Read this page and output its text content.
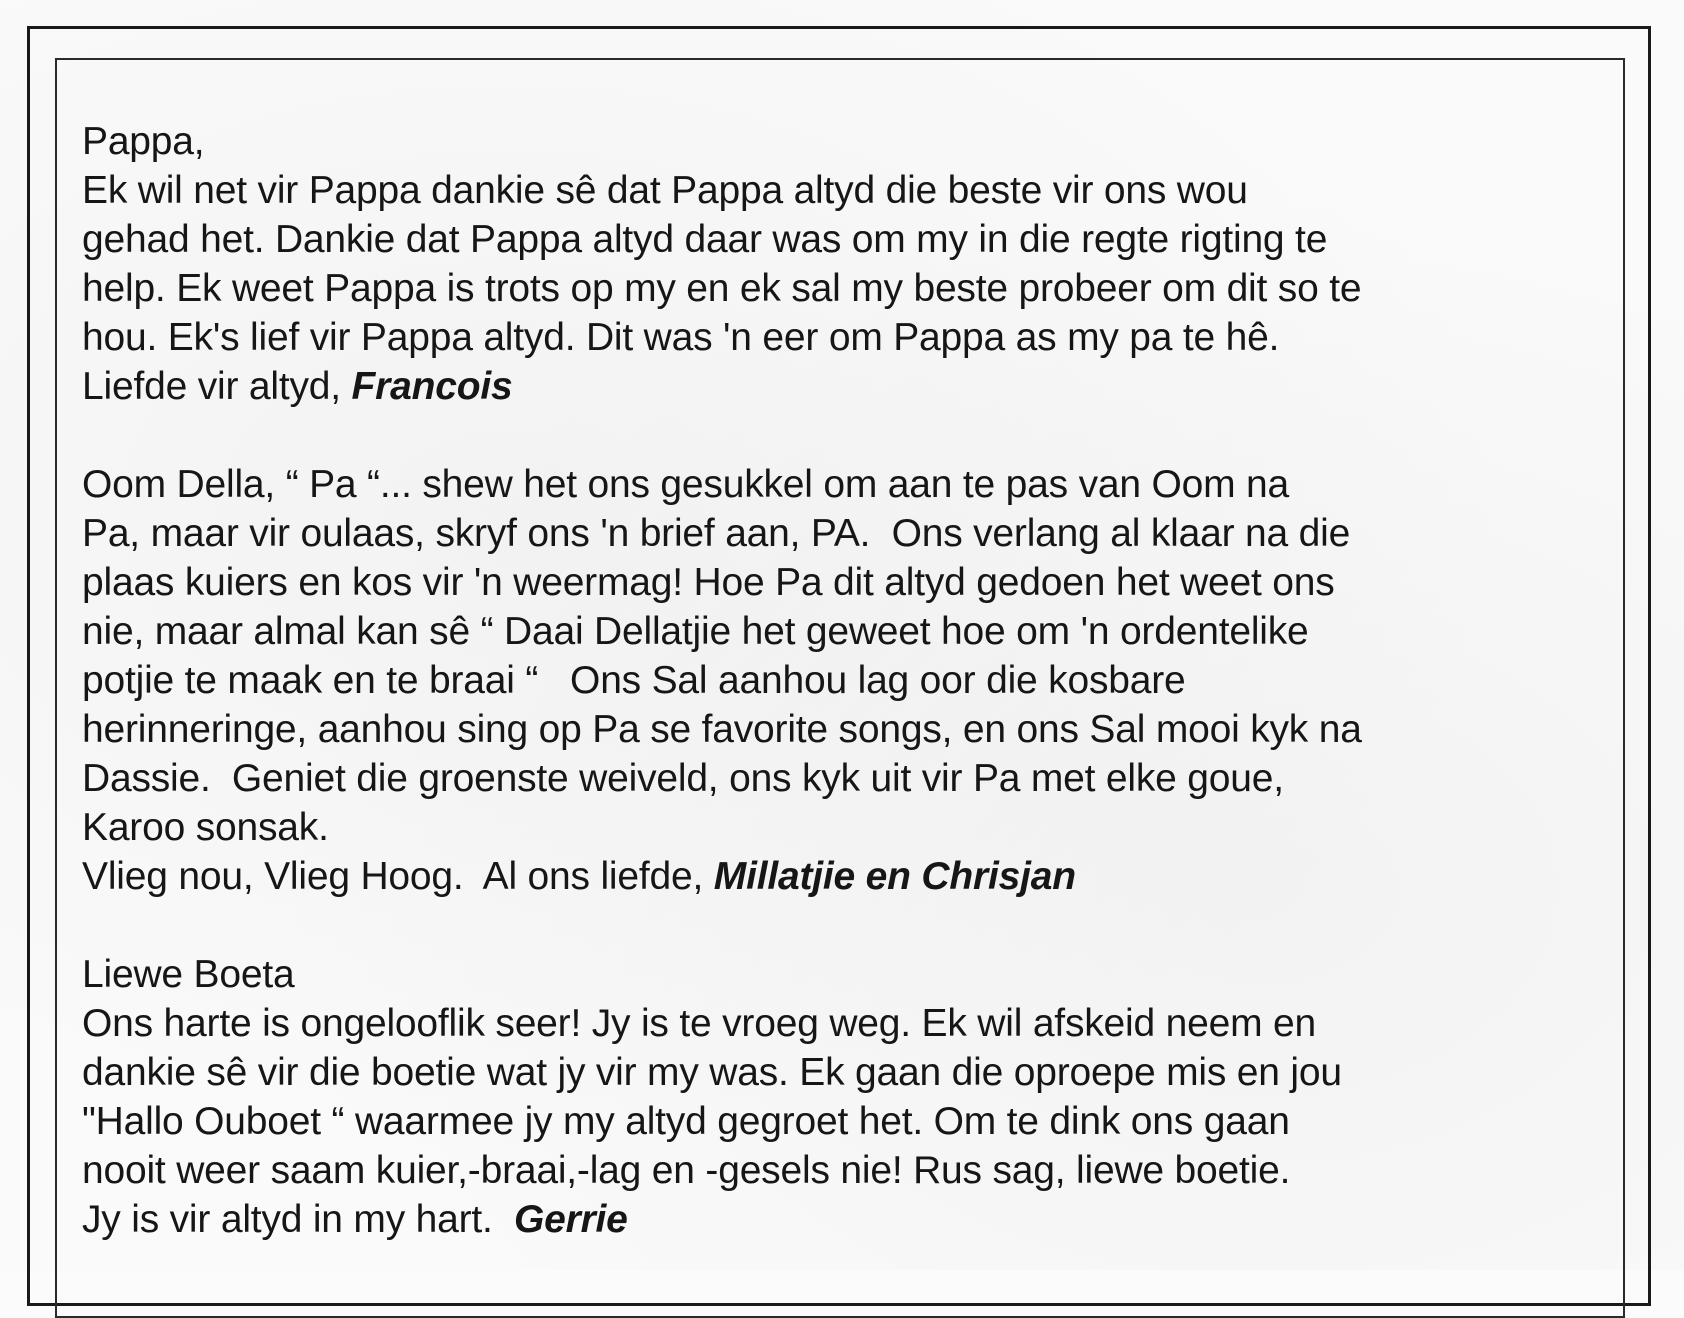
Pappa,
Ek wil net vir Pappa dankie sê dat Pappa altyd die beste vir ons wou
gehad het. Dankie dat Pappa altyd daar was om my in die regte rigting te
help. Ek weet Pappa is trots op my en ek sal my beste probeer om dit so te
hou. Ek's lief vir Pappa altyd. Dit was 'n eer om Pappa as my pa te hê.
Liefde vir altyd, Francois
Oom Della, “ Pa “... shew het ons gesukkel om aan te pas van Oom na
Pa, maar vir oulaas, skryf ons 'n brief aan, PA.  Ons verlang al klaar na die
plaas kuiers en kos vir 'n weermag! Hoe Pa dit altyd gedoen het weet ons
nie, maar almal kan sê “ Daai Dellatjie het geweet hoe om 'n ordentelike
potjie te maak en te braai “   Ons Sal aanhou lag oor die kosbare
herinneringe, aanhou sing op Pa se favorite songs, en ons Sal mooi kyk na
Dassie.  Geniet die groenste weiveld, ons kyk uit vir Pa met elke goue,
Karoo sonsak.
Vlieg nou, Vlieg Hoog.  Al ons liefde, Millatjie en Chrisjan
Liewe Boeta
Ons harte is ongelooflik seer! Jy is te vroeg weg. Ek wil afskeid neem en
dankie sê vir die boetie wat jy vir my was. Ek gaan die oproepe mis en jou
"Hallo Ouboet “ waarmee jy my altyd gegroet het. Om te dink ons gaan
nooit weer saam kuier,-braai,-lag en -gesels nie! Rus sag, liewe boetie.
Jy is vir altyd in my hart.  Gerrie
